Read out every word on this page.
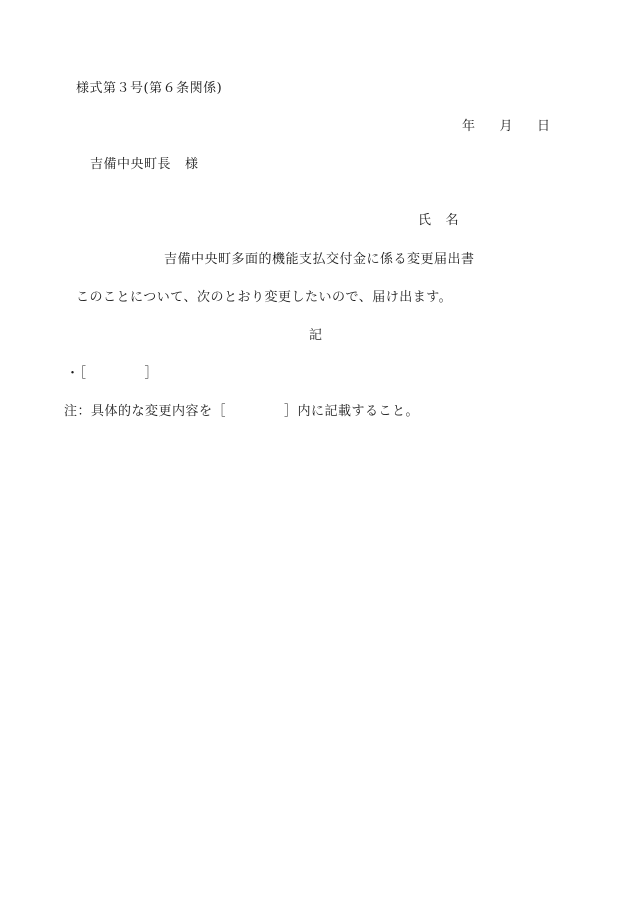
様式第３号(第６条関係)
年 月 日
吉備中央町長 様
氏 名
吉備中央町多面的機能支払交付金に係る変更届出書
このことについて、次のとおり変更したいので、届け出ます。
記
・［	］
注：具体的な変更内容を［	］内に記載すること。
